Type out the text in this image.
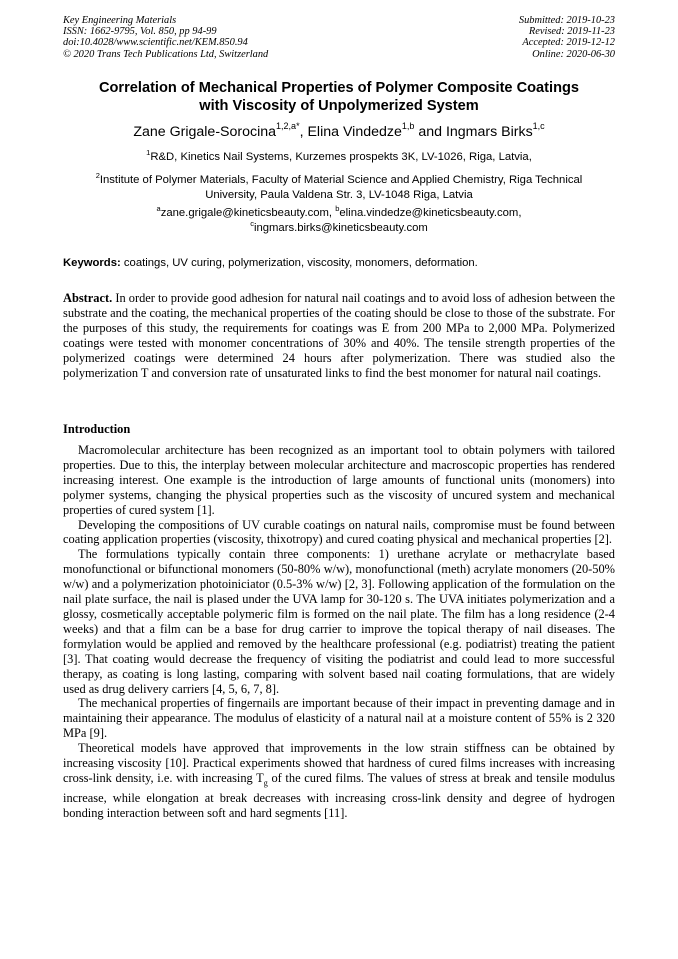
Key Engineering Materials
ISSN: 1662-9795, Vol. 850, pp 94-99
doi:10.4028/www.scientific.net/KEM.850.94
© 2020 Trans Tech Publications Ltd, Switzerland
Submitted: 2019-10-23
Revised: 2019-11-23
Accepted: 2019-12-12
Online: 2020-06-30
Correlation of Mechanical Properties of Polymer Composite Coatings
with Viscosity of Unpolymerized System
Zane Grigale-Sorocina$^{1,2,a*}$, Elina Vindedze$^{1,b}$ and Ingmars Birks$^{1,c}$
$^1$R&D, Kinetics Nail Systems, Kurzemes prospekts 3K, LV-1026, Riga, Latvia,
$^2$Institute of Polymer Materials, Faculty of Material Science and Applied Chemistry, Riga Technical
University, Paula Valdena Str. 3, LV-1048 Riga, Latvia
$^a$zane.grigale@kineticsbeauty.com, $^b$elina.vindedze@kineticsbeauty.com,
$^c$ingmars.birks@kineticsbeauty.com
Keywords: coatings, UV curing, polymerization, viscosity, monomers, deformation.

Abstract. In order to provide good adhesion for natural nail coatings and to avoid loss of adhesion between the substrate and the coating, the mechanical properties of the coating should be close to those of the substrate. For the purposes of this study, the requirements for coatings was E from 200 MPa to 2,000 MPa. Polymerized coatings were tested with monomer concentrations of 30% and 40%. The tensile strength properties of the polymerized coatings were determined 24 hours after polymerization. There was studied also the polymerization T and conversion rate of unsaturated links to find the best monomer for natural nail coatings.

Introduction

Macromolecular architecture has been recognized as an important tool to obtain polymers with tailored properties. Due to this, the interplay between molecular architecture and macroscopic properties has rendered increasing interest. One example is the introduction of large amounts of functional units (monomers) into polymer systems, changing the physical properties such as the viscosity of uncured system and mechanical properties of cured system [1].

Developing the compositions of UV curable coatings on natural nails, compromise must be found between coating application properties (viscosity, thixotropy) and cured coating physical and mechanical properties [2].

The formulations typically contain three components: 1) urethane acrylate or methacrylate based monofunctional or bifunctional monomers (50-80% w/w), monofunctional (meth) acrylate monomers (20-50% w/w) and a polymerization photoiniciator (0.5-3% w/w) [2, 3]. Following application of the formulation on the nail plate surface, the nail is plased under the UVA lamp for 30-120 s. The UVA initiates polymerization and a glossy, cosmetically acceptable polymeric film is formed on the nail plate. The film has a long residence (2-4 weeks) and that a film can be a base for drug carrier to improve the topical therapy of nail diseases. The formylation would be applied and removed by the healthcare professional (e.g. podiatrist) treating the patient [3]. That coating would decrease the frequency of visiting the podiatrist and could lead to more successful therapy, as coating is long lasting, comparing with solvent based nail coating formulations, that are widely used as drug delivery carriers [4, 5, 6, 7, 8].

The mechanical properties of fingernails are important because of their impact in preventing damage and in maintaining their appearance. The modulus of elasticity of a natural nail at a moisture content of 55% is 2 320 MPa [9].

Theoretical models have approved that improvements in the low strain stiffness can be obtained by increasing viscosity [10]. Practical experiments showed that hardness of cured films increases with increasing cross-link density, i.e. with increasing $T_g$ of the cured films. The values of stress at break and tensile modulus increase, while elongation at break decreases with increasing cross-link density and degree of hydrogen bonding interaction between soft and hard segments [11].
